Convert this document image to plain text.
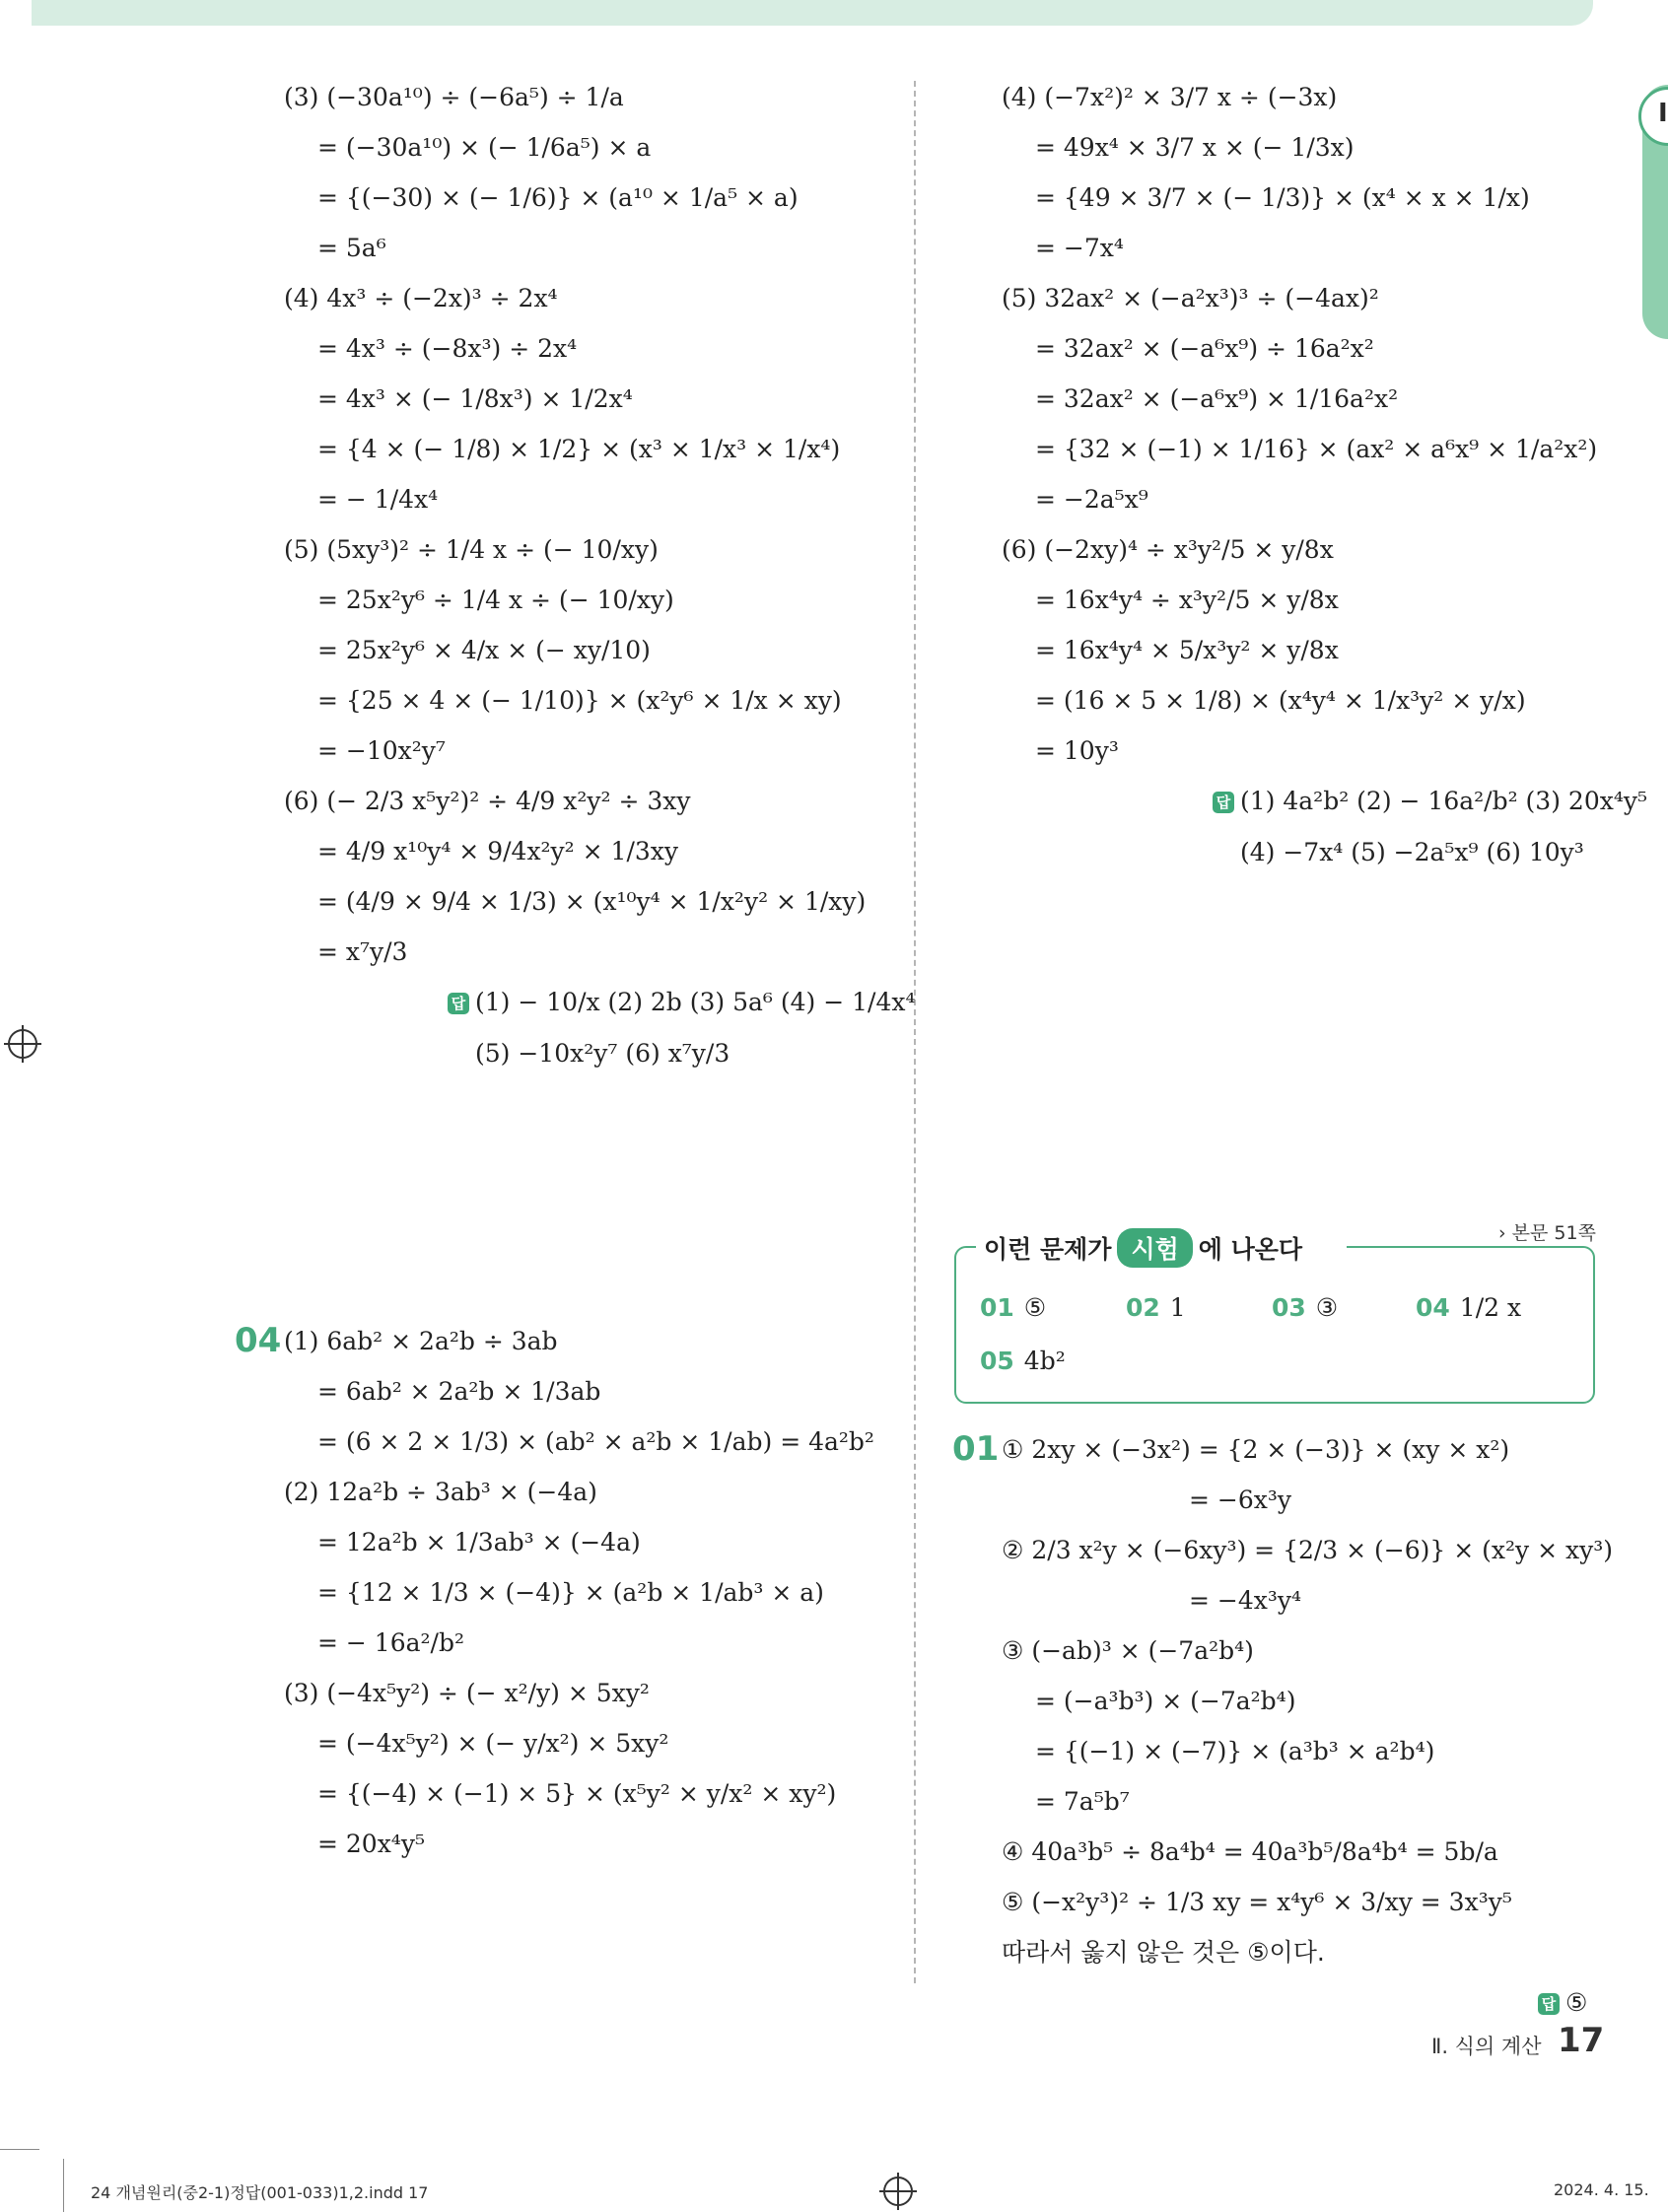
I
(3) (−30a¹⁰) ÷ (−6a⁵) ÷ 1/a
= (−30a¹⁰) × (− 1/6a⁵) × a
= {(−30) × (− 1/6)} × (a¹⁰ × 1/a⁵ × a)
= 5a⁶
(4) 4x³ ÷ (−2x)³ ÷ 2x⁴
= 4x³ ÷ (−8x³) ÷ 2x⁴
= 4x³ × (− 1/8x³) × 1/2x⁴
= {4 × (− 1/8) × 1/2} × (x³ × 1/x³ × 1/x⁴)
= − 1/4x⁴
(5) (5xy³)² ÷ 1/4 x ÷ (− 10/xy)
= 25x²y⁶ ÷ 1/4 x ÷ (− 10/xy)
= 25x²y⁶ × 4/x × (− xy/10)
= {25 × 4 × (− 1/10)} × (x²y⁶ × 1/x × xy)
= −10x²y⁷
(6) (− 2/3 x⁵y²)² ÷ 4/9 x²y² ÷ 3xy
= 4/9 x¹⁰y⁴ × 9/4x²y² × 1/3xy
= (4/9 × 9/4 × 1/3) × (x¹⁰y⁴ × 1/x²y² × 1/xy)
= x⁷y/3
답 (1) − 10/x (2) 2b (3) 5a⁶ (4) − 1/4x⁴
(5) −10x²y⁷ (6) x⁷y/3
04 (1) 6ab² × 2a²b ÷ 3ab
= 6ab² × 2a²b × 1/3ab
= (6 × 2 × 1/3) × (ab² × a²b × 1/ab) = 4a²b²
(2) 12a²b ÷ 3ab³ × (−4a)
= 12a²b × 1/3ab³ × (−4a)
= {12 × 1/3 × (−4)} × (a²b × 1/ab³ × a)
= − 16a²/b²
(3) (−4x⁵y²) ÷ (− x²/y) × 5xy²
= (−4x⁵y²) × (− y/x²) × 5xy²
= {(−4) × (−1) × 5} × (x⁵y² × y/x² × xy²)
= 20x⁴y⁵
(4) (−7x²)² × 3/7 x ÷ (−3x)
= 49x⁴ × 3/7 x × (− 1/3x)
= {49 × 3/7 × (− 1/3)} × (x⁴ × x × 1/x)
= −7x⁴
(5) 32ax² × (−a²x³)³ ÷ (−4ax)²
= 32ax² × (−a⁶x⁹) ÷ 16a²x²
= 32ax² × (−a⁶x⁹) × 1/16a²x²
= {32 × (−1) × 1/16} × (ax² × a⁶x⁹ × 1/a²x²)
= −2a⁵x⁹
(6) (−2xy)⁴ ÷ x³y²/5 × y/8x
= 16x⁴y⁴ ÷ x³y²/5 × y/8x
= 16x⁴y⁴ × 5/x³y² × y/8x
= (16 × 5 × 1/8) × (x⁴y⁴ × 1/x³y² × y/x)
= 10y³
답 (1) 4a²b² (2) − 16a²/b² (3) 20x⁴y⁵
(4) −7x⁴ (5) −2a⁵x⁹ (6) 10y³
이런 문제가 시험 에 나온다
› 본문 51쪽
01 ⑤	02 1	03 ③	04 1/2 x
05 4b²
01 ① 2xy × (−3x²) = {2 × (−3)} × (xy × x²)
= −6x³y
② 2/3 x²y × (−6xy³) = {2/3 × (−6)} × (x²y × xy³)
= −4x³y⁴
③ (−ab)³ × (−7a²b⁴)
= (−a³b³) × (−7a²b⁴)
= {(−1) × (−7)} × (a³b³ × a²b⁴)
= 7a⁵b⁷
④ 40a³b⁵ ÷ 8a⁴b⁴ = 40a³b⁵/8a⁴b⁴ = 5b/a
⑤ (−x²y³)² ÷ 1/3 xy = x⁴y⁶ × 3/xy = 3x³y⁵
따라서 옳지 않은 것은 ⑤이다.
답 ⑤
Ⅱ. 식의 계산 17
24 개념원리(중2-1)정답(001-033)1,2.indd 17	2024. 4. 15.
